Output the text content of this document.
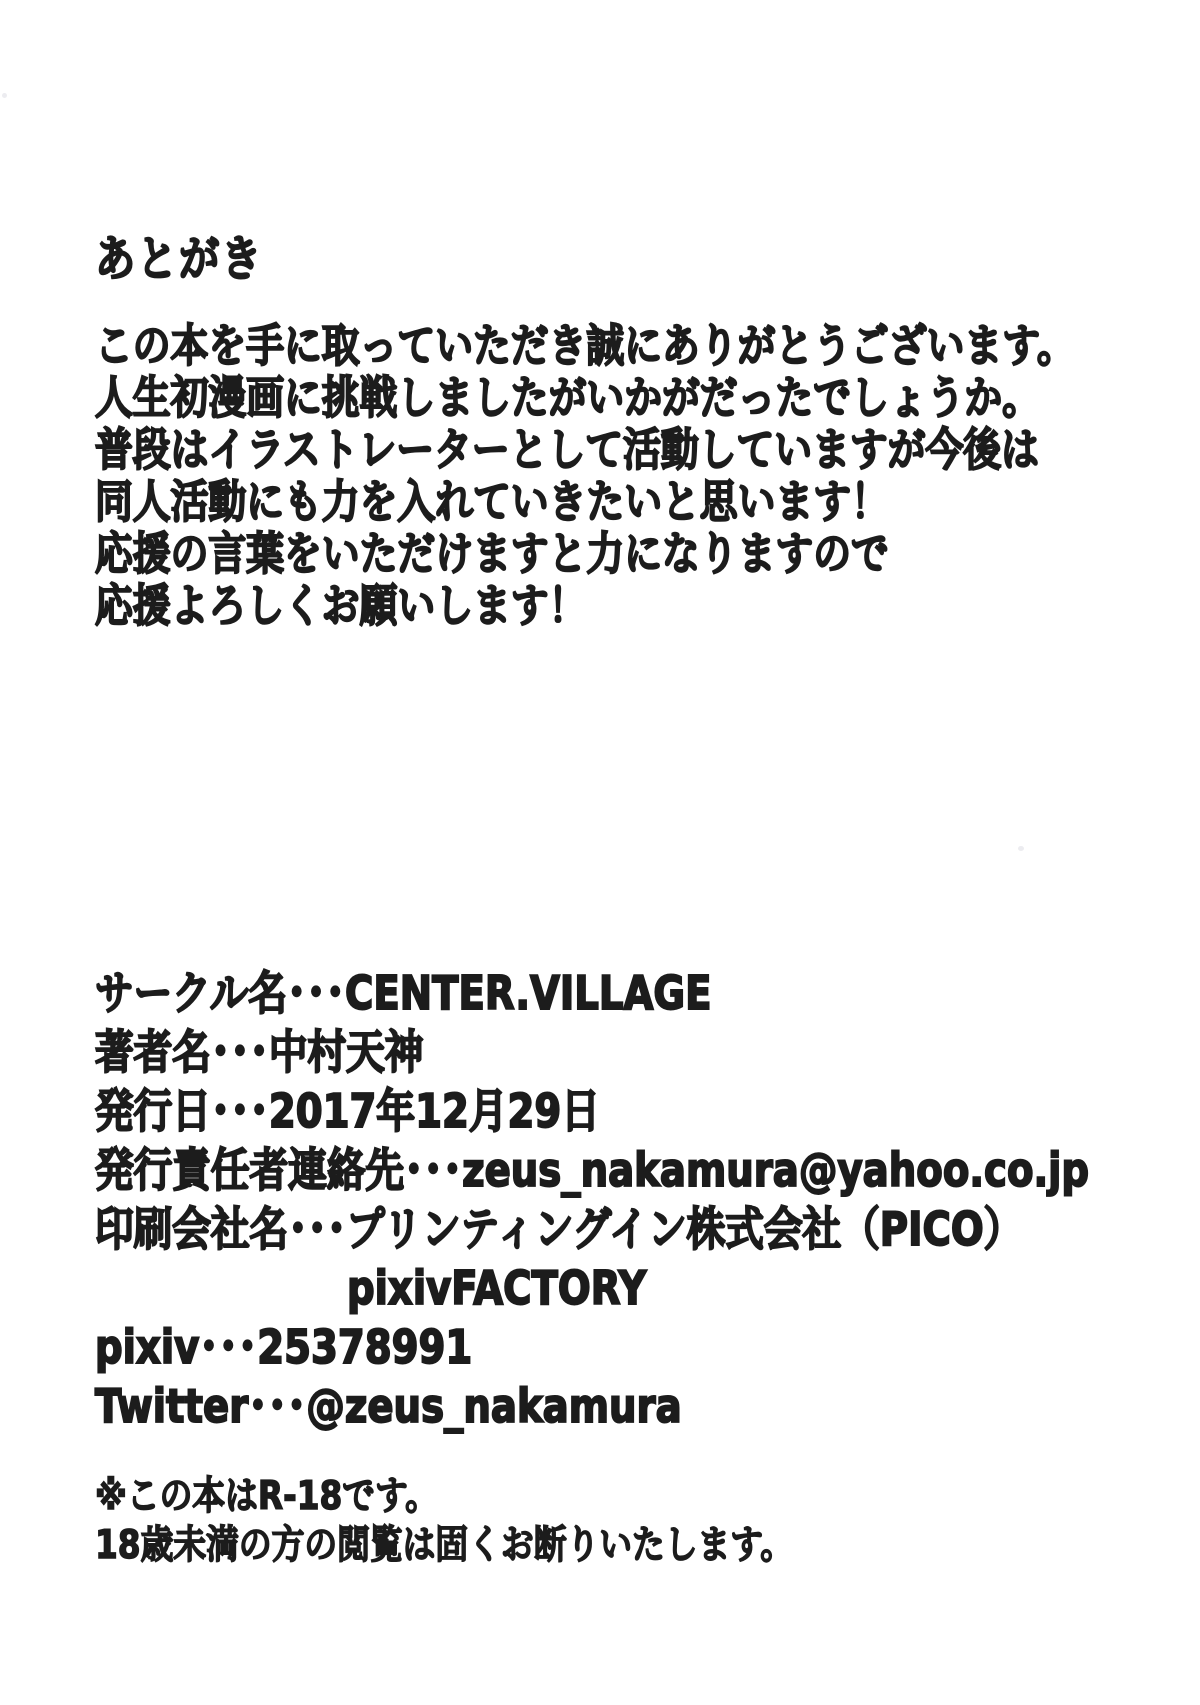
あとがき
この本を手に取っていただき誠にありがとうございます。
人生初漫画に挑戦しましたがいかがだったでしょうか。
普段はイラストレーターとして活動していますが今後は
同人活動にも力を入れていきたいと思います！
応援の言葉をいただけますと力になりますので
応援よろしくお願いします！
サークル名･･･CENTER.VILLAGE
著者名･･･中村天神
発行日･･･2017年12月29日
発行責任者連絡先･･･zeus_nakamura@yahoo.co.jp
印刷会社名･･･プリンティングイン株式会社（PICO）
pixivFACTORY
pixiv･･･25378991
Twitter･･･@zeus_nakamura
※この本はR-18です。
18歳未満の方の閲覧は固くお断りいたします。
